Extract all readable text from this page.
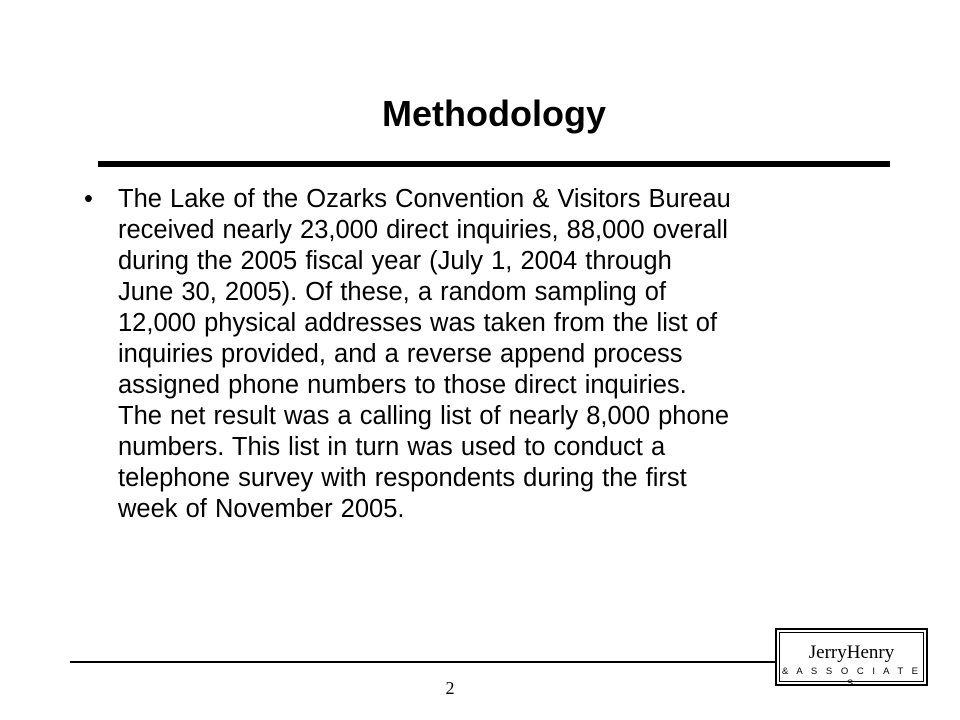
Methodology
• The Lake of the Ozarks Convention & Visitors Bureau
received nearly 23,000 direct inquiries, 88,000 overall
during the 2005 fiscal year (July 1, 2004 through
June 30, 2005). Of these, a random sampling of
12,000 physical addresses was taken from the list of
inquiries provided, and a reverse append process
assigned phone numbers to those direct inquiries.
The net result was a calling list of nearly 8,000 phone
numbers. This list in turn was used to conduct a
telephone survey with respondents during the first
week of November 2005.
2
JerryHenry
& A S S O C I A T E S
